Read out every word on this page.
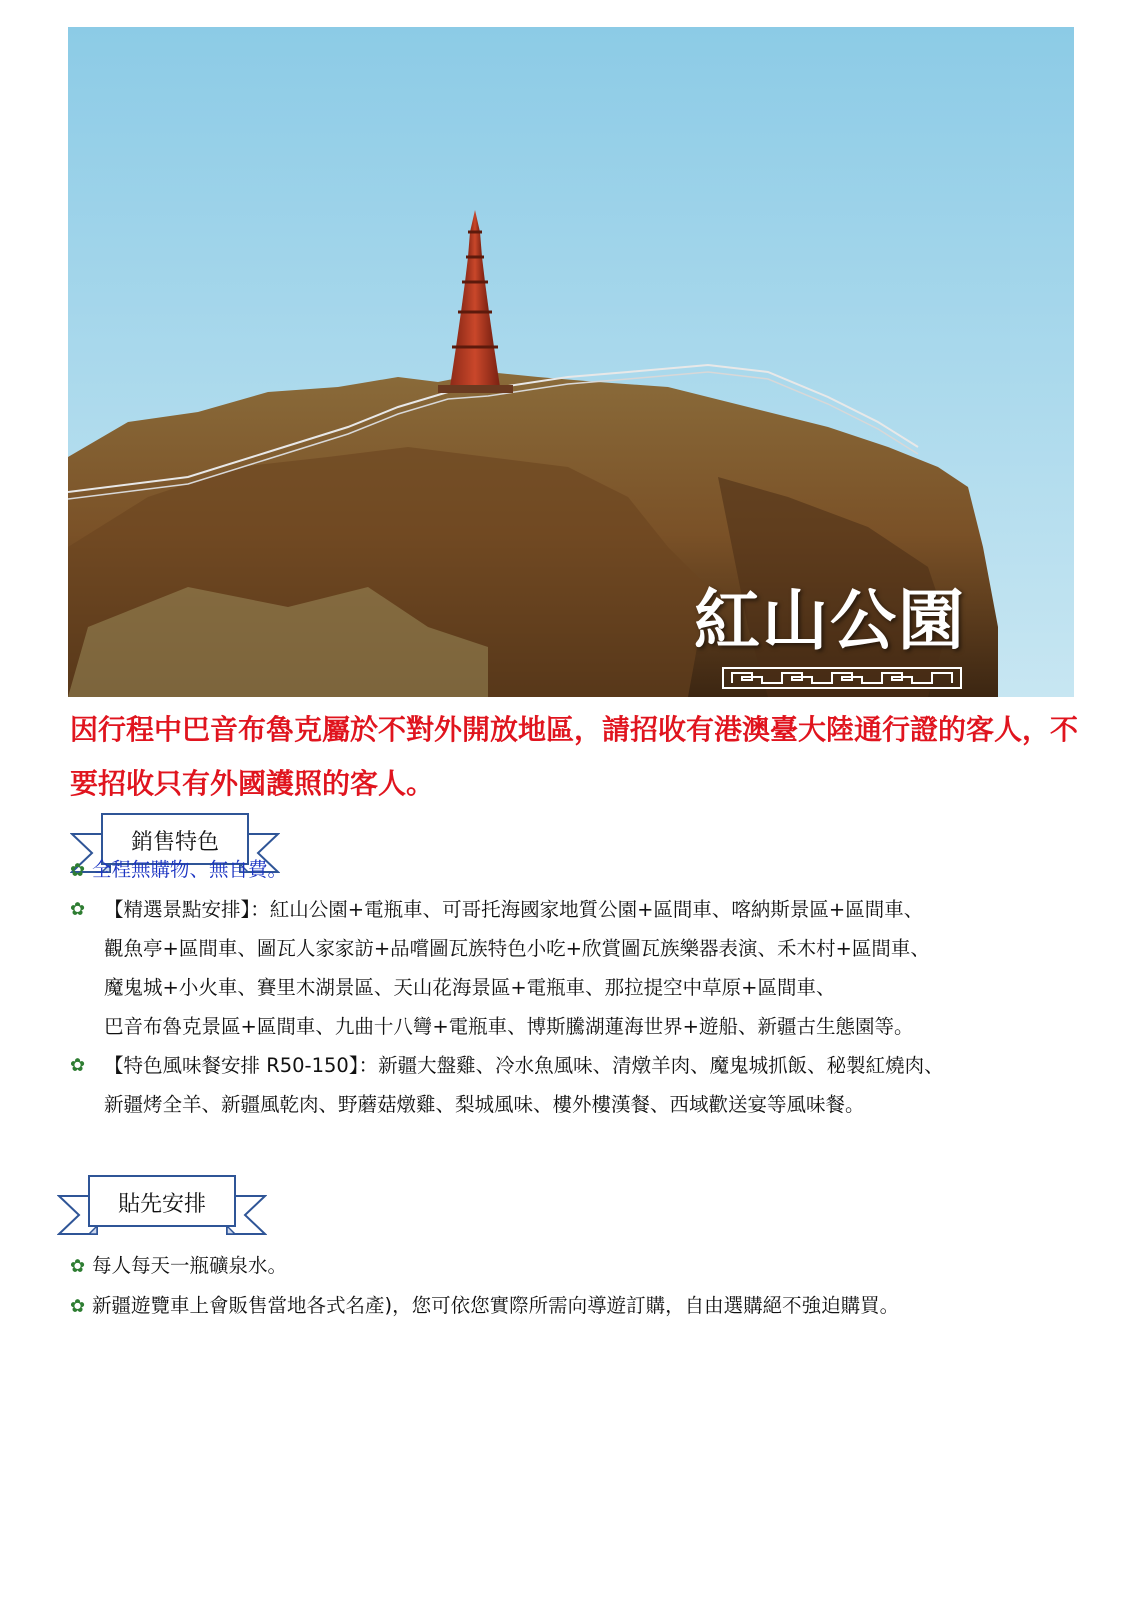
紅山公園
因行程中巴音布魯克屬於不對外開放地區，請招收有港澳臺大陸通行證的客人，不要招收只有外國護照的客人。
銷售特色
✿ 全程無購物、無自費。
✿ 【精選景點安排】：紅山公園+電瓶車、可哥托海國家地質公園+區間車、喀納斯景區+區間車、
觀魚亭+區間車、圖瓦人家家訪+品嚐圖瓦族特色小吃+欣賞圖瓦族樂器表演、禾木村+區間車、
魔鬼城+小火車、賽里木湖景區、天山花海景區+電瓶車、那拉提空中草原+區間車、
巴音布魯克景區+區間車、九曲十八彎+電瓶車、博斯騰湖蓮海世界+遊船、新疆古生態園等。
✿ 【特色風味餐安排 R50-150】：新疆大盤雞、冷水魚風味、清燉羊肉、魔鬼城抓飯、秘製紅燒肉、
新疆烤全羊、新疆風乾肉、野蘑菇燉雞、梨城風味、樓外樓漢餐、西域歡送宴等風味餐。
貼先安排
✿ 每人每天一瓶礦泉水。
✿ 新疆遊覽車上會販售當地各式名產)，您可依您實際所需向導遊訂購，自由選購絕不強迫購買。
